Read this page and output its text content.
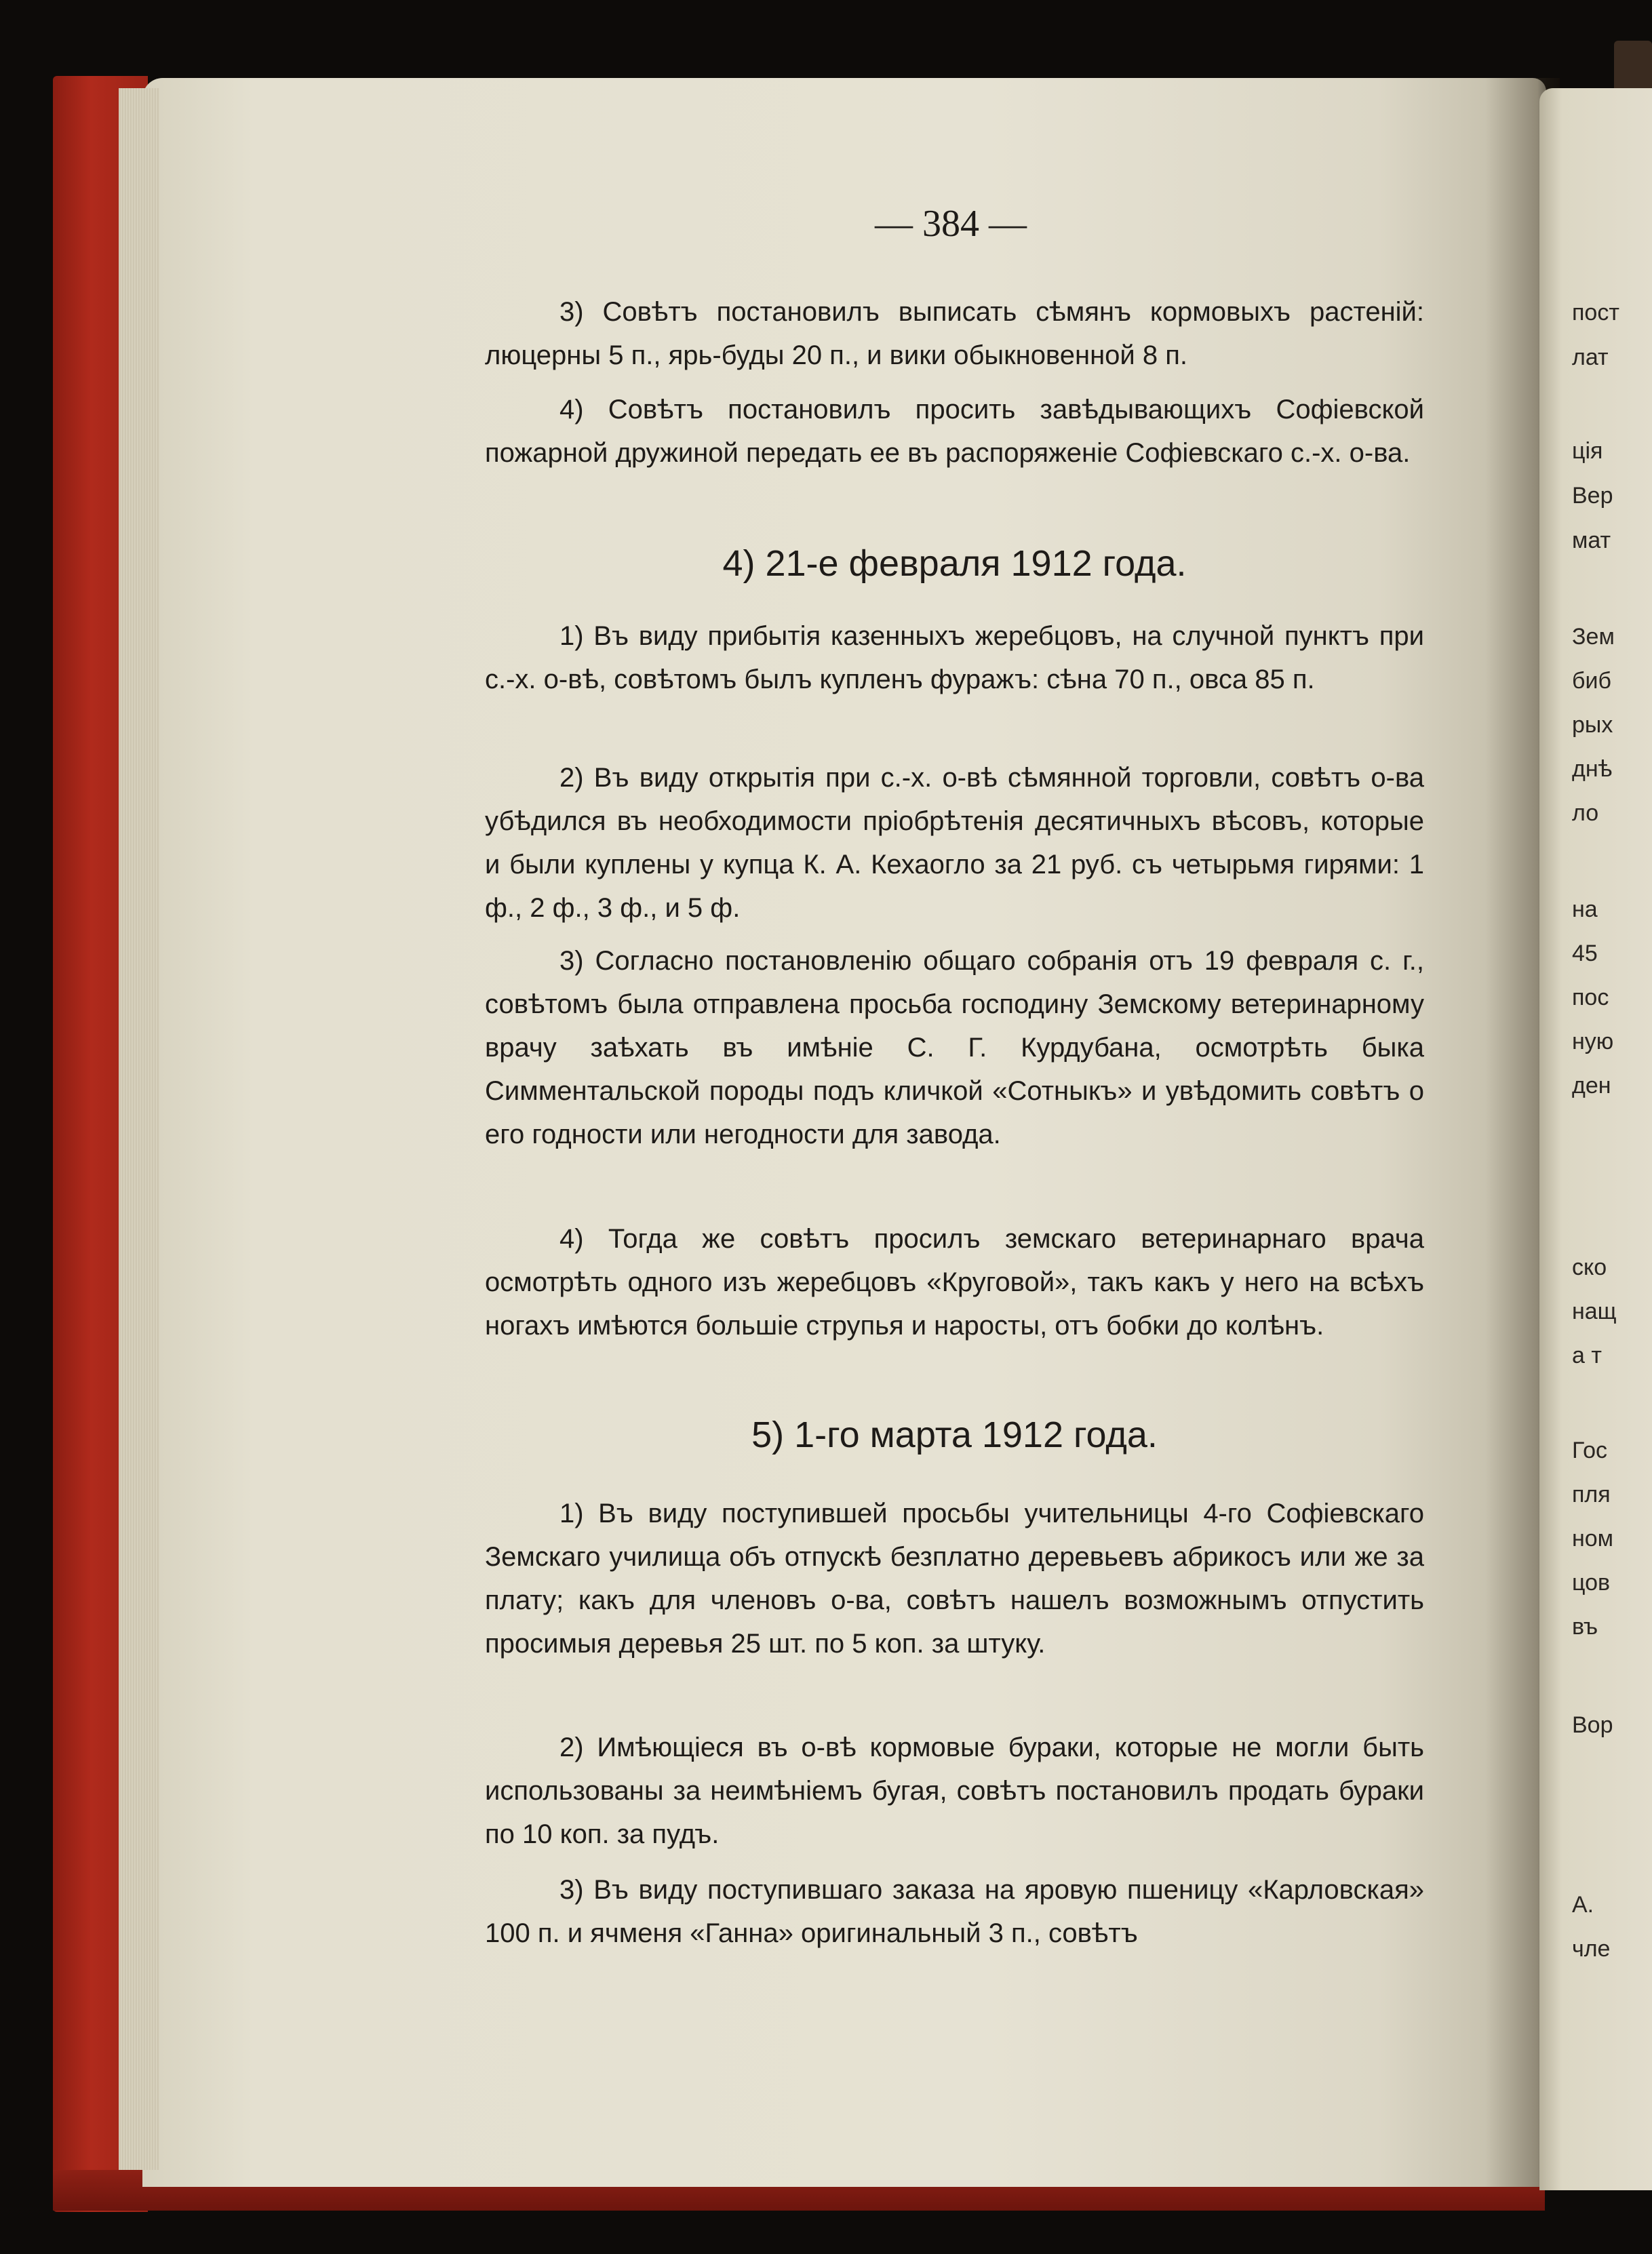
пост
лат
ція
Вер
мат
Зем
биб
рых
днѣ
ло
на
45
пос
ную
ден
ско
нащ
а т
Гос
пля
ном
цов
въ
Вор
А.
чле
— 384 —
3) Совѣтъ постановилъ выписать сѣмянъ кормовыхъ растеній: люцерны 5 п., ярь-буды 20 п., и вики обыкновенной 8 п.
4) Совѣтъ постановилъ просить завѣдывающихъ Софіевской пожарной дружиной передать ее въ распоряженіе Софіевскаго с.-х. о-ва.
4) 21-е февраля 1912 года.
1) Въ виду прибытія казенныхъ жеребцовъ, на случной пунктъ при с.-х. о-вѣ, совѣтомъ былъ купленъ фуражъ: сѣна 70 п., овса 85 п.
2) Въ виду открытія при с.-х. о-вѣ сѣмянной торговли, совѣтъ о-ва убѣдился въ необходимости пріобрѣтенія десятичныхъ вѣсовъ, которые и были куплены у купца К. А. Кехаогло за 21 руб. съ четырьмя гирями: 1 ф., 2 ф., 3 ф., и 5 ф.
3) Согласно постановленію общаго собранія отъ 19 февраля с. г., совѣтомъ была отправлена просьба господину Земскому ветеринарному врачу заѣхать въ имѣніе С. Г. Курдубана, осмотрѣть быка Симментальской породы подъ кличкой «Сотныкъ» и увѣдомить совѣтъ о его годности или негодности для завода.
4) Тогда же совѣтъ просилъ земскаго ветеринарнаго врача осмотрѣть одного изъ жеребцовъ «Круговой», такъ какъ у него на всѣхъ ногахъ имѣются большіе струпья и наросты, отъ бобки до колѣнъ.
5) 1-го марта 1912 года.
1) Въ виду поступившей просьбы учительницы 4-го Софіевскаго Земскаго училища объ отпускѣ безплатно деревьевъ абрикосъ или же за плату; какъ для членовъ о-ва, совѣтъ нашелъ возможнымъ отпустить просимыя деревья 25 шт. по 5 коп. за штуку.
2) Имѣющіеся въ о-вѣ кормовые бураки, которые не могли быть использованы за неимѣніемъ бугая, совѣтъ постановилъ продать бураки по 10 коп. за пудъ.
3) Въ виду поступившаго заказа на яровую пшеницу «Карловская» 100 п. и ячменя «Ганна» оригинальный 3 п., совѣтъ
